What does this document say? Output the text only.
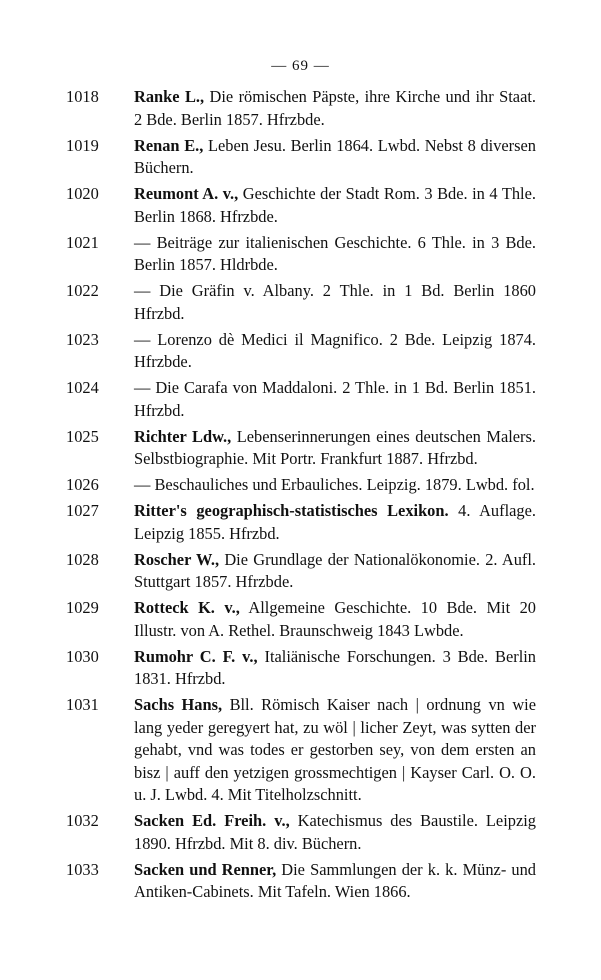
— 69 —
1018 Ranke L., Die römischen Päpste, ihre Kirche und ihr Staat. 2 Bde. Berlin 1857. Hfrzbde.
1019 Renan E., Leben Jesu. Berlin 1864. Lwbd. Nebst 8 diversen Büchern.
1020 Reumont A. v., Geschichte der Stadt Rom. 3 Bde. in 4 Thle. Berlin 1868. Hfrzbde.
1021 — Beiträge zur italienischen Geschichte. 6 Thle. in 3 Bde. Berlin 1857. Hldrbde.
1022 — Die Gräfin v. Albany. 2 Thle. in 1 Bd. Berlin 1860 Hfrzbd.
1023 — Lorenzo dè Medici il Magnifico. 2 Bde. Leipzig 1874. Hfrzbde.
1024 — Die Carafa von Maddaloni. 2 Thle. in 1 Bd. Berlin 1851. Hfrzbd.
1025 Richter Ldw., Lebenserinnerungen eines deutschen Malers. Selbstbiographie. Mit Portr. Frankfurt 1887. Hfrzbd.
1026 — Beschauliches und Erbauliches. Leipzig. 1879. Lwbd. fol.
1027 Ritter's geographisch-statistisches Lexikon. 4. Auflage. Leipzig 1855. Hfrzbd.
1028 Roscher W., Die Grundlage der Nationalökonomie. 2. Aufl. Stuttgart 1857. Hfrzbde.
1029 Rotteck K. v., Allgemeine Geschichte. 10 Bde. Mit 20 Illustr. von A. Rethel. Braunschweig 1843 Lwbde.
1030 Rumohr C. F. v., Italiänische Forschungen. 3 Bde. Berlin 1831. Hfrzbd.
1031 Sachs Hans, Bll. Römisch Kaiser nach | ordnung vn wie lang yeder geregyert hat, zu wöl | licher Zeyt, was sytten der gehabt, vnd was todes er gestorben sey, von dem ersten an bisz | auff den yetzigen grossmechtigen | Kayser Carl. O. O. u. J. Lwbd. 4. Mit Titelholzschnitt.
1032 Sacken Ed. Freih. v., Katechismus des Baustile. Leipzig 1890. Hfrzbd. Mit 8. div. Büchern.
1033 Sacken und Renner, Die Sammlungen der k. k. Münz- und Antiken-Cabinets. Mit Tafeln. Wien 1866.
